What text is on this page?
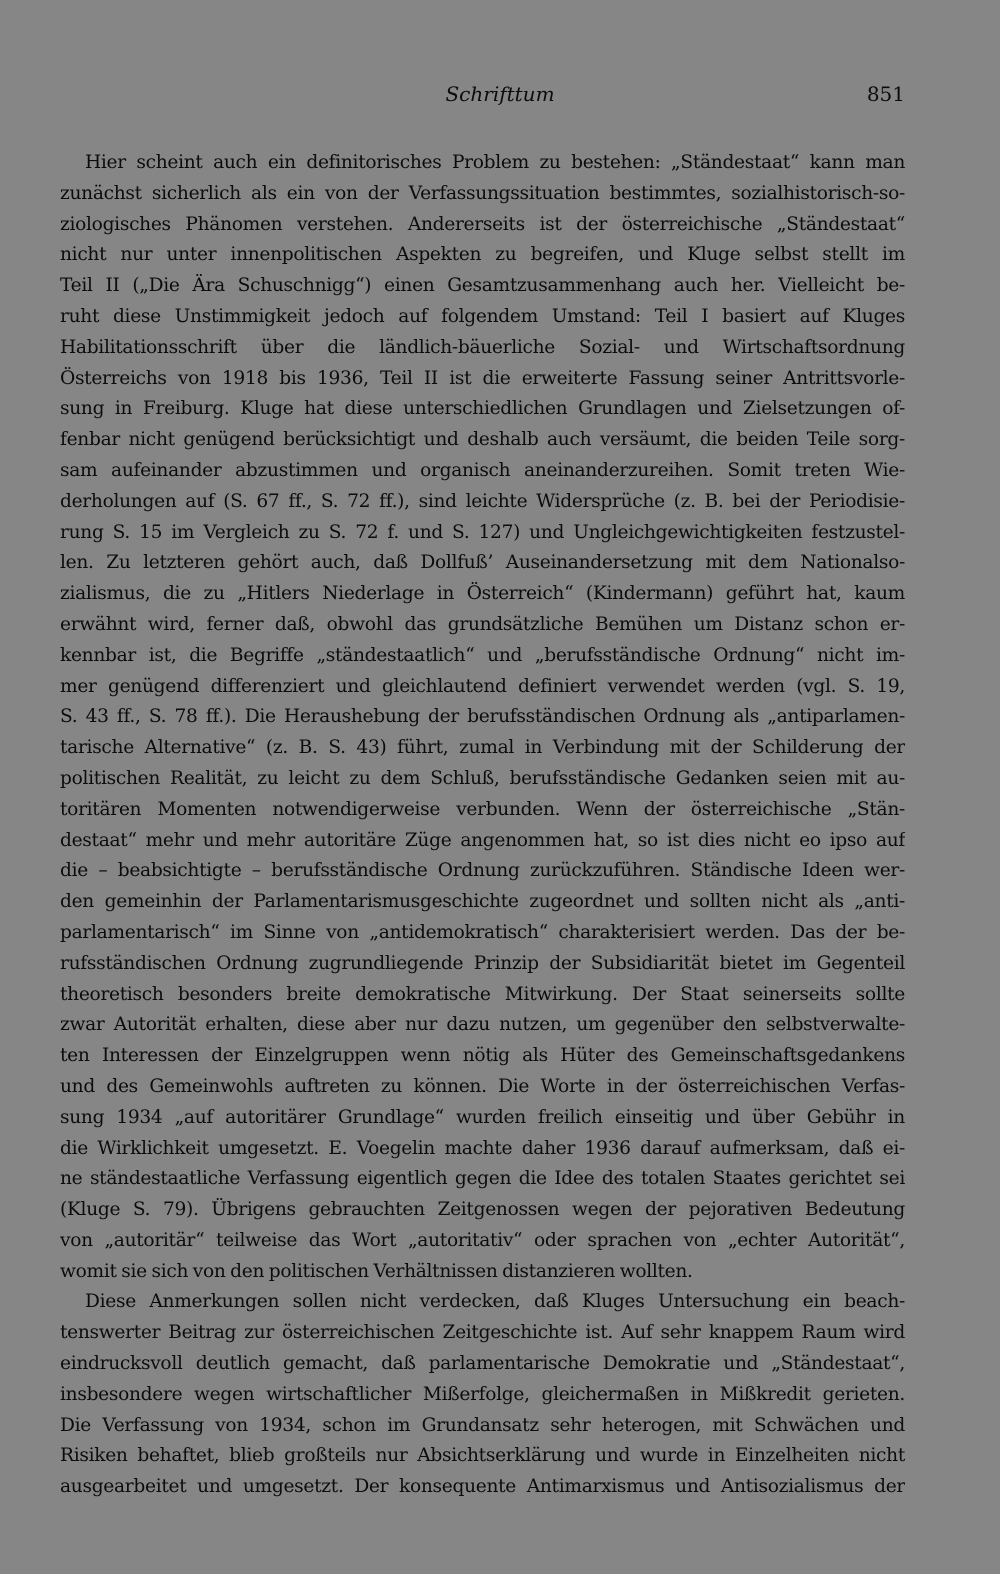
Schrifttum	851
Hier scheint auch ein definitorisches Problem zu bestehen: „Ständestaat“ kann man
zunächst sicherlich als ein von der Verfassungssituation bestimmtes, sozialhistorisch-so-
ziologisches Phänomen verstehen. Andererseits ist der österreichische „Ständestaat“
nicht nur unter innenpolitischen Aspekten zu begreifen, und Kluge selbst stellt im
Teil II („Die Ära Schuschnigg“) einen Gesamtzusammenhang auch her. Vielleicht be-
ruht diese Unstimmigkeit jedoch auf folgendem Umstand: Teil I basiert auf Kluges
Habilitationsschrift über die ländlich-bäuerliche Sozial- und Wirtschaftsordnung
Österreichs von 1918 bis 1936, Teil II ist die erweiterte Fassung seiner Antrittsvorle-
sung in Freiburg. Kluge hat diese unterschiedlichen Grundlagen und Zielsetzungen of-
fenbar nicht genügend berücksichtigt und deshalb auch versäumt, die beiden Teile sorg-
sam aufeinander abzustimmen und organisch aneinanderzureihen. Somit treten Wie-
derholungen auf (S. 67 ff., S. 72 ff.), sind leichte Widersprüche (z. B. bei der Periodisie-
rung S. 15 im Vergleich zu S. 72 f. und S. 127) und Ungleichgewichtigkeiten festzustel-
len. Zu letzteren gehört auch, daß Dollfuß’ Auseinandersetzung mit dem Nationalso-
zialismus, die zu „Hitlers Niederlage in Österreich“ (Kindermann) geführt hat, kaum
erwähnt wird, ferner daß, obwohl das grundsätzliche Bemühen um Distanz schon er-
kennbar ist, die Begriffe „ständestaatlich“ und „berufsständische Ordnung“ nicht im-
mer genügend differenziert und gleichlautend definiert verwendet werden (vgl. S. 19,
S. 43 ff., S. 78 ff.). Die Heraushebung der berufsständischen Ordnung als „antiparlamen-
tarische Alternative“ (z. B. S. 43) führt, zumal in Verbindung mit der Schilderung der
politischen Realität, zu leicht zu dem Schluß, berufsständische Gedanken seien mit au-
toritären Momenten notwendigerweise verbunden. Wenn der österreichische „Stän-
destaat“ mehr und mehr autoritäre Züge angenommen hat, so ist dies nicht eo ipso auf
die – beabsichtigte – berufsständische Ordnung zurückzuführen. Ständische Ideen wer-
den gemeinhin der Parlamentarismusgeschichte zugeordnet und sollten nicht als „anti-
parlamentarisch“ im Sinne von „antidemokratisch“ charakterisiert werden. Das der be-
rufsständischen Ordnung zugrundliegende Prinzip der Subsidiarität bietet im Gegenteil
theoretisch besonders breite demokratische Mitwirkung. Der Staat seinerseits sollte
zwar Autorität erhalten, diese aber nur dazu nutzen, um gegenüber den selbstverwalte-
ten Interessen der Einzelgruppen wenn nötig als Hüter des Gemeinschaftsgedankens
und des Gemeinwohls auftreten zu können. Die Worte in der österreichischen Verfas-
sung 1934 „auf autoritärer Grundlage“ wurden freilich einseitig und über Gebühr in
die Wirklichkeit umgesetzt. E. Voegelin machte daher 1936 darauf aufmerksam, daß ei-
ne ständestaatliche Verfassung eigentlich gegen die Idee des totalen Staates gerichtet sei
(Kluge S. 79). Übrigens gebrauchten Zeitgenossen wegen der pejorativen Bedeutung
von „autoritär“ teilweise das Wort „autoritativ“ oder sprachen von „echter Autorität“,
womit sie sich von den politischen Verhältnissen distanzieren wollten.
Diese Anmerkungen sollen nicht verdecken, daß Kluges Untersuchung ein beach-
tenswerter Beitrag zur österreichischen Zeitgeschichte ist. Auf sehr knappem Raum wird
eindrucksvoll deutlich gemacht, daß parlamentarische Demokratie und „Ständestaat“,
insbesondere wegen wirtschaftlicher Mißerfolge, gleichermaßen in Mißkredit gerieten.
Die Verfassung von 1934, schon im Grundansatz sehr heterogen, mit Schwächen und
Risiken behaftet, blieb großteils nur Absichtserklärung und wurde in Einzelheiten nicht
ausgearbeitet und umgesetzt. Der konsequente Antimarxismus und Antisozialismus der
